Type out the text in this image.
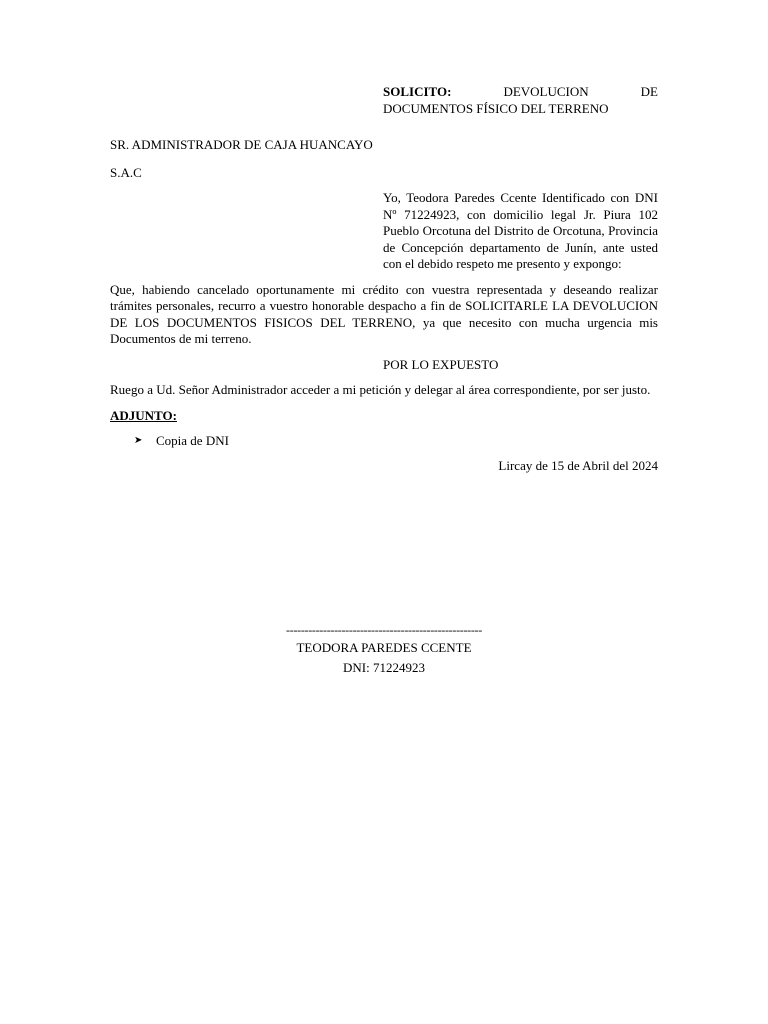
SOLICITO:	DEVOLUCION DE
DOCUMENTOS FÍSICO DEL TERRENO
SR. ADMINISTRADOR DE CAJA HUANCAYO
S.A.C
Yo, Teodora Paredes Ccente Identificado con DNI Nº 71224923, con domicilio legal Jr. Piura 102 Pueblo Orcotuna del Distrito de Orcotuna, Provincia de Concepción departamento de Junín, ante usted con el debido respeto me presento y expongo:
Que, habiendo cancelado oportunamente mi crédito con vuestra representada y deseando realizar trámites personales, recurro a vuestro honorable despacho a fin de SOLICITARLE LA DEVOLUCION DE LOS DOCUMENTOS FISICOS DEL TERRENO, ya que necesito con mucha urgencia mis Documentos de mi terreno.
POR LO EXPUESTO
Ruego a Ud. Señor Administrador acceder a mi petición y delegar al área correspondiente, por ser justo.
ADJUNTO:
➤	Copia de DNI
Lircay de 15 de Abril del 2024
-----------------------------------------------------
TEODORA PAREDES CCENTE
DNI: 71224923
